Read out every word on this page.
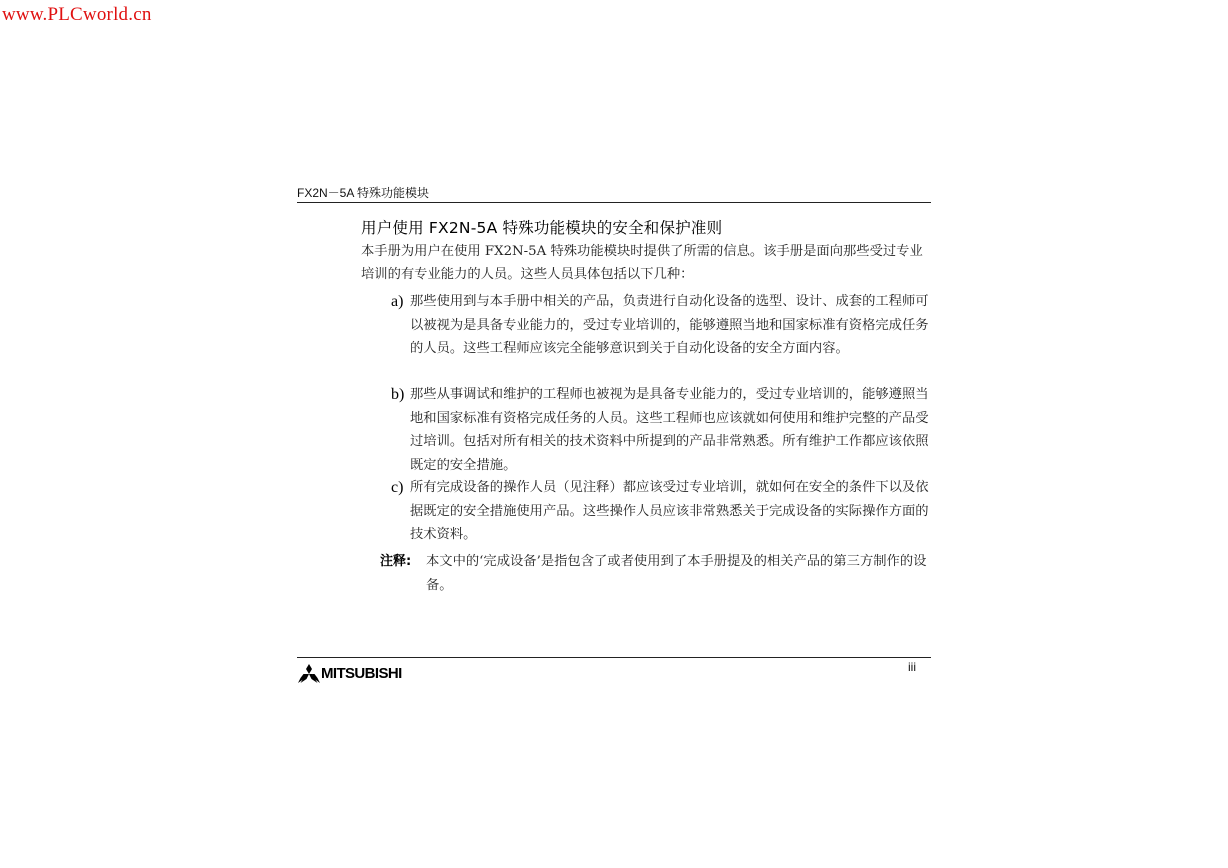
www.PLCworld.cn
FX2N－5A 特殊功能模块
用户使用 FX2N-5A 特殊功能模块的安全和保护准则
本手册为用户在使用 FX2N-5A 特殊功能模块时提供了所需的信息。该手册是面向那些受过专业培训的有专业能力的人员。这些人员具体包括以下几种：
a) 那些使用到与本手册中相关的产品，负责进行自动化设备的选型、设计、成套的工程师可以被视为是具备专业能力的，受过专业培训的，能够遵照当地和国家标准有资格完成任务的人员。这些工程师应该完全能够意识到关于自动化设备的安全方面内容。
b) 那些从事调试和维护的工程师也被视为是具备专业能力的，受过专业培训的，能够遵照当地和国家标准有资格完成任务的人员。这些工程师也应该就如何使用和维护完整的产品受过培训。包括对所有相关的技术资料中所提到的产品非常熟悉。所有维护工作都应该依照既定的安全措施。
c) 所有完成设备的操作人员（见注释）都应该受过专业培训，就如何在安全的条件下以及依据既定的安全措施使用产品。这些操作人员应该非常熟悉关于完成设备的实际操作方面的技术资料。
注释: 本文中的‘完成设备’是指包含了或者使用到了本手册提及的相关产品的第三方制作的设备。
MITSUBISHI	iii
